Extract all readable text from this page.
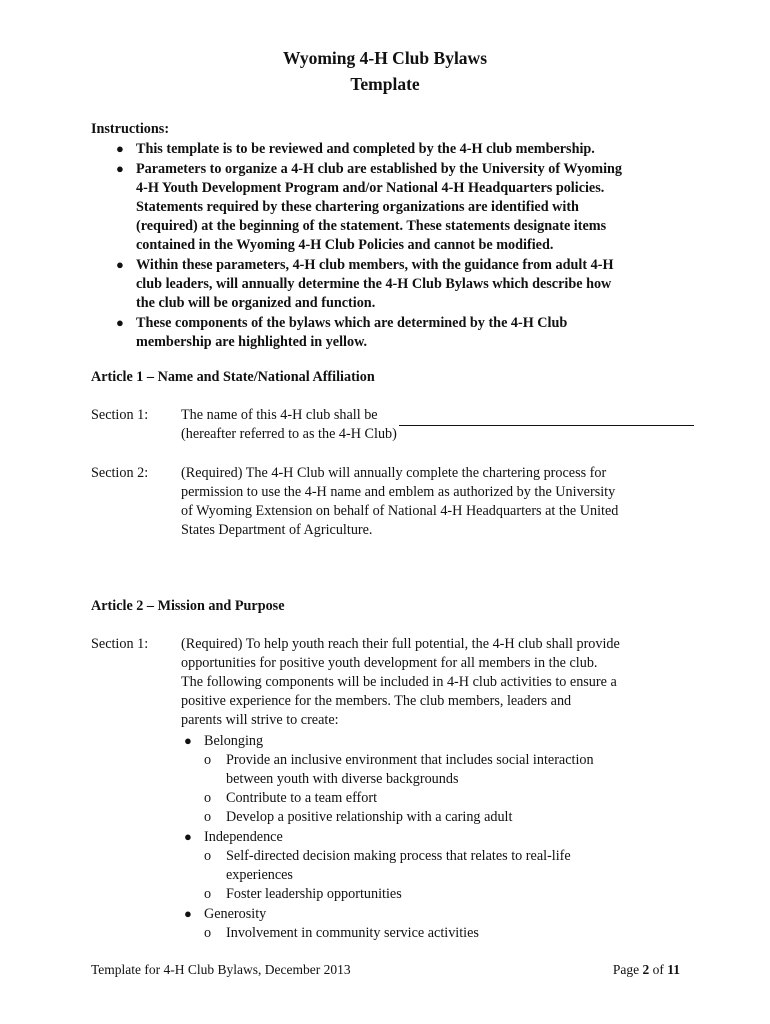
Wyoming 4-H Club Bylaws
Template
Instructions:
● This template is to be reviewed and completed by the 4-H club membership.
● Parameters to organize a 4-H club are established by the University of Wyoming
4-H Youth Development Program and/or National 4-H Headquarters policies.
Statements required by these chartering organizations are identified with
(required) at the beginning of the statement. These statements designate items
contained in the Wyoming 4-H Club Policies and cannot be modified.
● Within these parameters, 4-H club members, with the guidance from adult 4-H
club leaders, will annually determine the 4-H Club Bylaws which describe how
the club will be organized and function.
● These components of the bylaws which are determined by the 4-H Club
membership are highlighted in yellow.
Article 1 – Name and State/National Affiliation
Section 1: The name of this 4-H club shall be
(hereafter referred to as the 4-H Club)
Section 2: (Required) The 4-H Club will annually complete the chartering process for
permission to use the 4-H name and emblem as authorized by the University
of Wyoming Extension on behalf of National 4-H Headquarters at the United
States Department of Agriculture.
Article 2 – Mission and Purpose
Section 1: (Required) To help youth reach their full potential, the 4-H club shall provide
opportunities for positive youth development for all members in the club.
The following components will be included in 4-H club activities to ensure a
positive experience for the members. The club members, leaders and
parents will strive to create:
● Belonging
o Provide an inclusive environment that includes social interaction
between youth with diverse backgrounds
o Contribute to a team effort
o Develop a positive relationship with a caring adult
● Independence
o Self-directed decision making process that relates to real-life
experiences
o Foster leadership opportunities
● Generosity
o Involvement in community service activities
Template for 4-H Club Bylaws, December 2013	Page 2 of 11
